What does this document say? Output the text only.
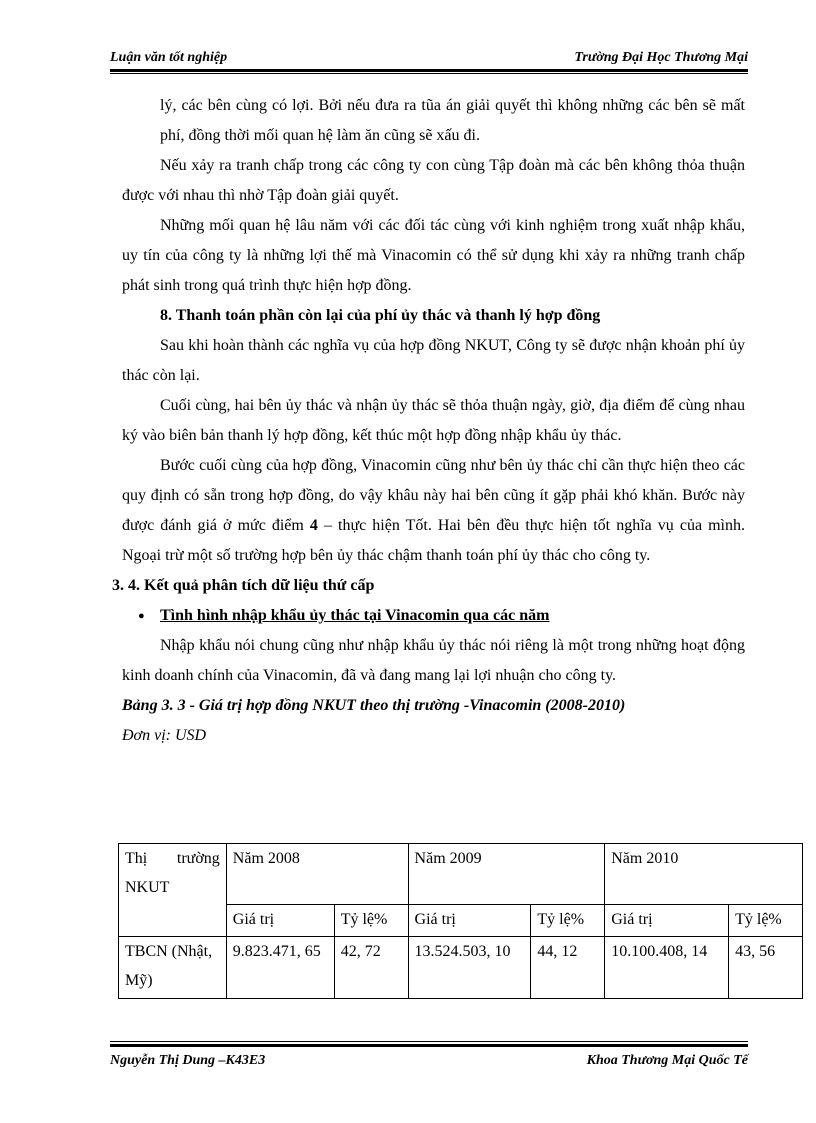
Luận văn tốt nghiệp	Trường Đại Học Thương Mại

lý, các bên cùng có lợi. Bởi nếu đưa ra tũa án giải quyết thì không những các bên sẽ mất phí, đồng thời mối quan hệ làm ăn cũng sẽ xấu đi.

Nếu xảy ra tranh chấp trong các công ty con cùng Tập đoàn mà các bên không thỏa thuận được với nhau thì nhờ Tập đoàn giải quyết.

Những mối quan hệ lâu năm với các đối tác cùng với kinh nghiệm trong xuất nhập khẩu, uy tín của công ty là những lợi thế mà Vinacomin có thể sử dụng khi xảy ra những tranh chấp phát sinh trong quá trình thực hiện hợp đồng.

8. Thanh toán phần còn lại của phí ủy thác và thanh lý hợp đồng

Sau khi hoàn thành các nghĩa vụ của hợp đồng NKUT, Công ty sẽ được nhận khoản phí ủy thác còn lại.

Cuối cùng, hai bên ủy thác và nhận ủy thác sẽ thỏa thuận ngày, giờ, địa điểm để cùng nhau ký vào biên bản thanh lý hợp đồng, kết thúc một hợp đồng nhập khẩu ủy thác.

Bước cuối cùng của hợp đồng, Vinacomin cũng như bên ủy thác chỉ cần thực hiện theo các quy định có sẵn trong hợp đồng, do vậy khâu này hai bên cũng ít gặp phải khó khăn. Bước này được đánh giá ở mức điểm 4 – thực hiện Tốt. Hai bên đều thực hiện tốt nghĩa vụ của mình. Ngoại trừ một số trường hợp bên ủy thác chậm thanh toán phí ủy thác cho công ty.

3. 4. Kết quả phân tích dữ liệu thứ cấp

● Tình hình nhập khẩu ủy thác tại Vinacomin qua các năm

Nhập khẩu nói chung cũng như nhập khẩu ủy thác nói riêng là một trong những hoạt động kinh doanh chính của Vinacomin, đã và đang mang lại lợi nhuận cho công ty.

Bảng 3. 3 - Giá trị hợp đồng NKUT theo thị trường -Vinacomin (2008-2010)

Đơn vị: USD

Thị trường NKUT	Năm 2008		Năm 2009		Năm 2010	
	Giá trị	Tỷ lệ%	Giá trị	Tỷ lệ%	Giá trị	Tỷ lệ%
TBCN (Nhật, Mỹ)	9.823.471, 65	42, 72	13.524.503, 10	44, 12	10.100.408, 14	43, 56
Nguyễn Thị Dung –K43E3	Khoa Thương Mại Quốc Tế
